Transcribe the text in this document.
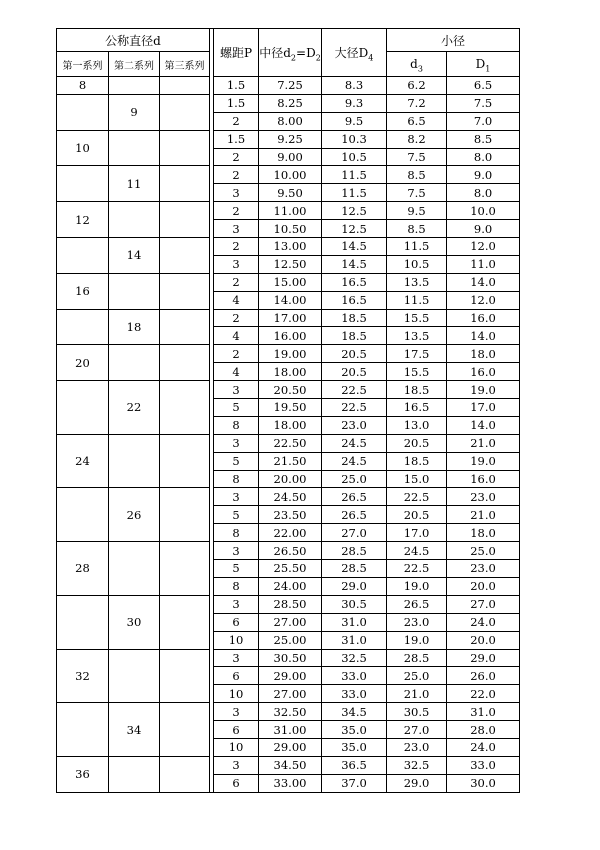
公称直径d				螺距P	中径$d_2=D_2$	大径$D_4$	小径	
第一系列	第二系列	第三系列					$d_3$	$D_1$
8				1.5	7.25	8.3	6.2	6.5
	9			1.5	8.25	9.3	7.2	7.5
				2	8.00	9.5	6.5	7.0
10				1.5	9.25	10.3	8.2	8.5
				2	9.00	10.5	7.5	8.0
	11			2	10.00	11.5	8.5	9.0
				3	9.50	11.5	7.5	8.0
12				2	11.00	12.5	9.5	10.0
				3	10.50	12.5	8.5	9.0
	14			2	13.00	14.5	11.5	12.0
				3	12.50	14.5	10.5	11.0
16				2	15.00	16.5	13.5	14.0
				4	14.00	16.5	11.5	12.0
	18			2	17.00	18.5	15.5	16.0
				4	16.00	18.5	13.5	14.0
20				2	19.00	20.5	17.5	18.0
				4	18.00	20.5	15.5	16.0
	22			3	20.50	22.5	18.5	19.0
				5	19.50	22.5	16.5	17.0
				8	18.00	23.0	13.0	14.0
24				3	22.50	24.5	20.5	21.0
				5	21.50	24.5	18.5	19.0
				8	20.00	25.0	15.0	16.0
	26			3	24.50	26.5	22.5	23.0
				5	23.50	26.5	20.5	21.0
				8	22.00	27.0	17.0	18.0
28				3	26.50	28.5	24.5	25.0
				5	25.50	28.5	22.5	23.0
				8	24.00	29.0	19.0	20.0
	30			3	28.50	30.5	26.5	27.0
				6	27.00	31.0	23.0	24.0
				10	25.00	31.0	19.0	20.0
32				3	30.50	32.5	28.5	29.0
				6	29.00	33.0	25.0	26.0
				10	27.00	33.0	21.0	22.0
	34			3	32.50	34.5	30.5	31.0
				6	31.00	35.0	27.0	28.0
				10	29.00	35.0	23.0	24.0
36				3	34.50	36.5	32.5	33.0
				6	33.00	37.0	29.0	30.0
